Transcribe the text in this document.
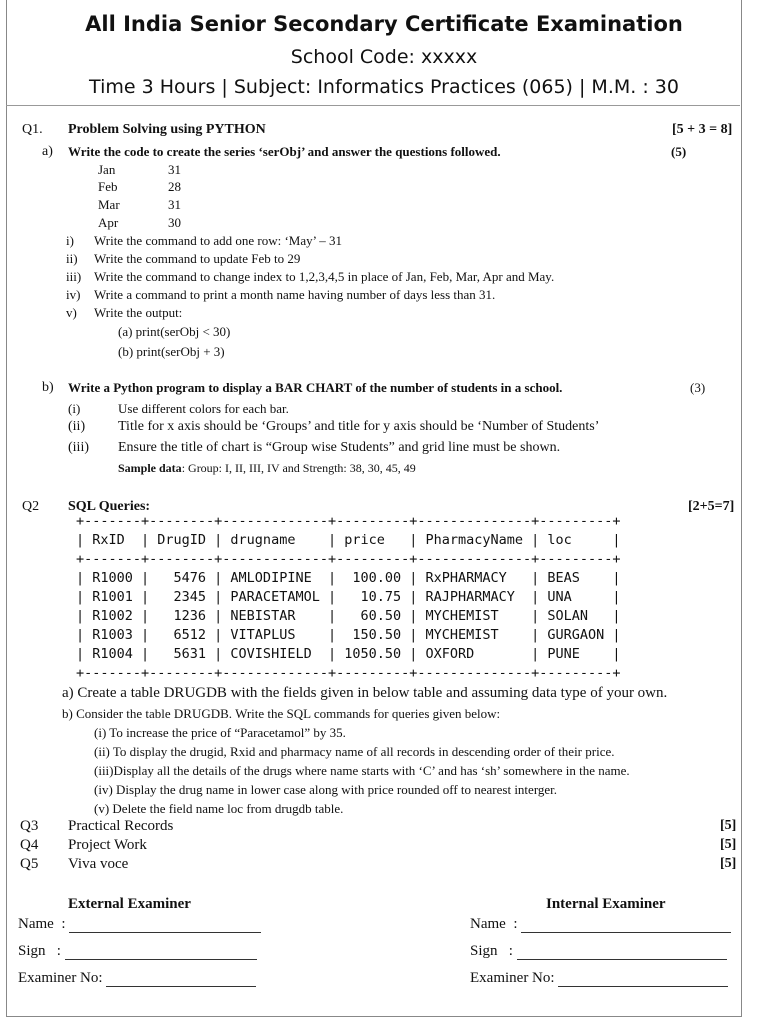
All India Senior Secondary Certificate Examination
School Code: xxxxx
Time 3 Hours | Subject: Informatics Practices (065) | M.M. : 30
Q1. Problem Solving using PYTHON	[5 + 3 = 8]
a) Write the code to create the series ‘serObj’ and answer the questions followed.	(5)
Jan	31
Feb	28
Mar	31
Apr	30
i) Write the command to add one row: ‘May’ – 31
ii) Write the command to update Feb to 29
iii) Write the command to change index to 1,2,3,4,5 in place of Jan, Feb, Mar, Apr and May.
iv) Write a command to print a month name having number of days less than 31.
v) Write the output:
(a) print(serObj < 30)
(b) print(serObj + 3)
b) Write a Python program to display a BAR CHART of the number of students in a school.	(3)
(i)	Use different colors for each bar.
(ii) Title for x axis should be ‘Groups’ and title for y axis should be ‘Number of Students’
(iii) Ensure the title of chart is “Group wise Students” and grid line must be shown.
Sample data: Group: I, II, III, IV and Strength: 38, 30, 45, 49
Q2 SQL Queries:	[2+5=7]
+-------+--------+-------------+---------+--------------+---------+
| RxID  | DrugID | drugname    | price   | PharmacyName | loc     |
+-------+--------+-------------+---------+--------------+---------+
| R1000 |   5476 | AMLODIPINE  |  100.00 | RxPHARMACY   | BEAS    |
| R1001 |   2345 | PARACETAMOL |   10.75 | RAJPHARMACY  | UNA     |
| R1002 |   1236 | NEBISTAR    |   60.50 | MYCHEMIST    | SOLAN   |
| R1003 |   6512 | VITAPLUS    |  150.50 | MYCHEMIST    | GURGAON |
| R1004 |   5631 | COVISHIELD  | 1050.50 | OXFORD       | PUNE    |
+-------+--------+-------------+---------+--------------+---------+
a) Create a table DRUGDB with the fields given in below table and assuming data type of your own.
b) Consider the table DRUGDB. Write the SQL commands for queries given below:
(i) To increase the price of “Paracetamol” by 35.
(ii) To display the drugid, Rxid and pharmacy name of all records in descending order of their price.
(iii)Display all the details of the drugs where name starts with ‘C’ and has ‘sh’ somewhere in the name.
(iv) Display the drug name in lower case along with price rounded off to nearest interger.
(v) Delete the field name loc from drugdb table.
Q3 Practical Records	[5]
Q4 Project Work	[5]
Q5 Viva voce	[5]
External Examiner	Internal Examiner
Name  :	Name  :
Sign   :	Sign   :
Examiner No:	Examiner No:
